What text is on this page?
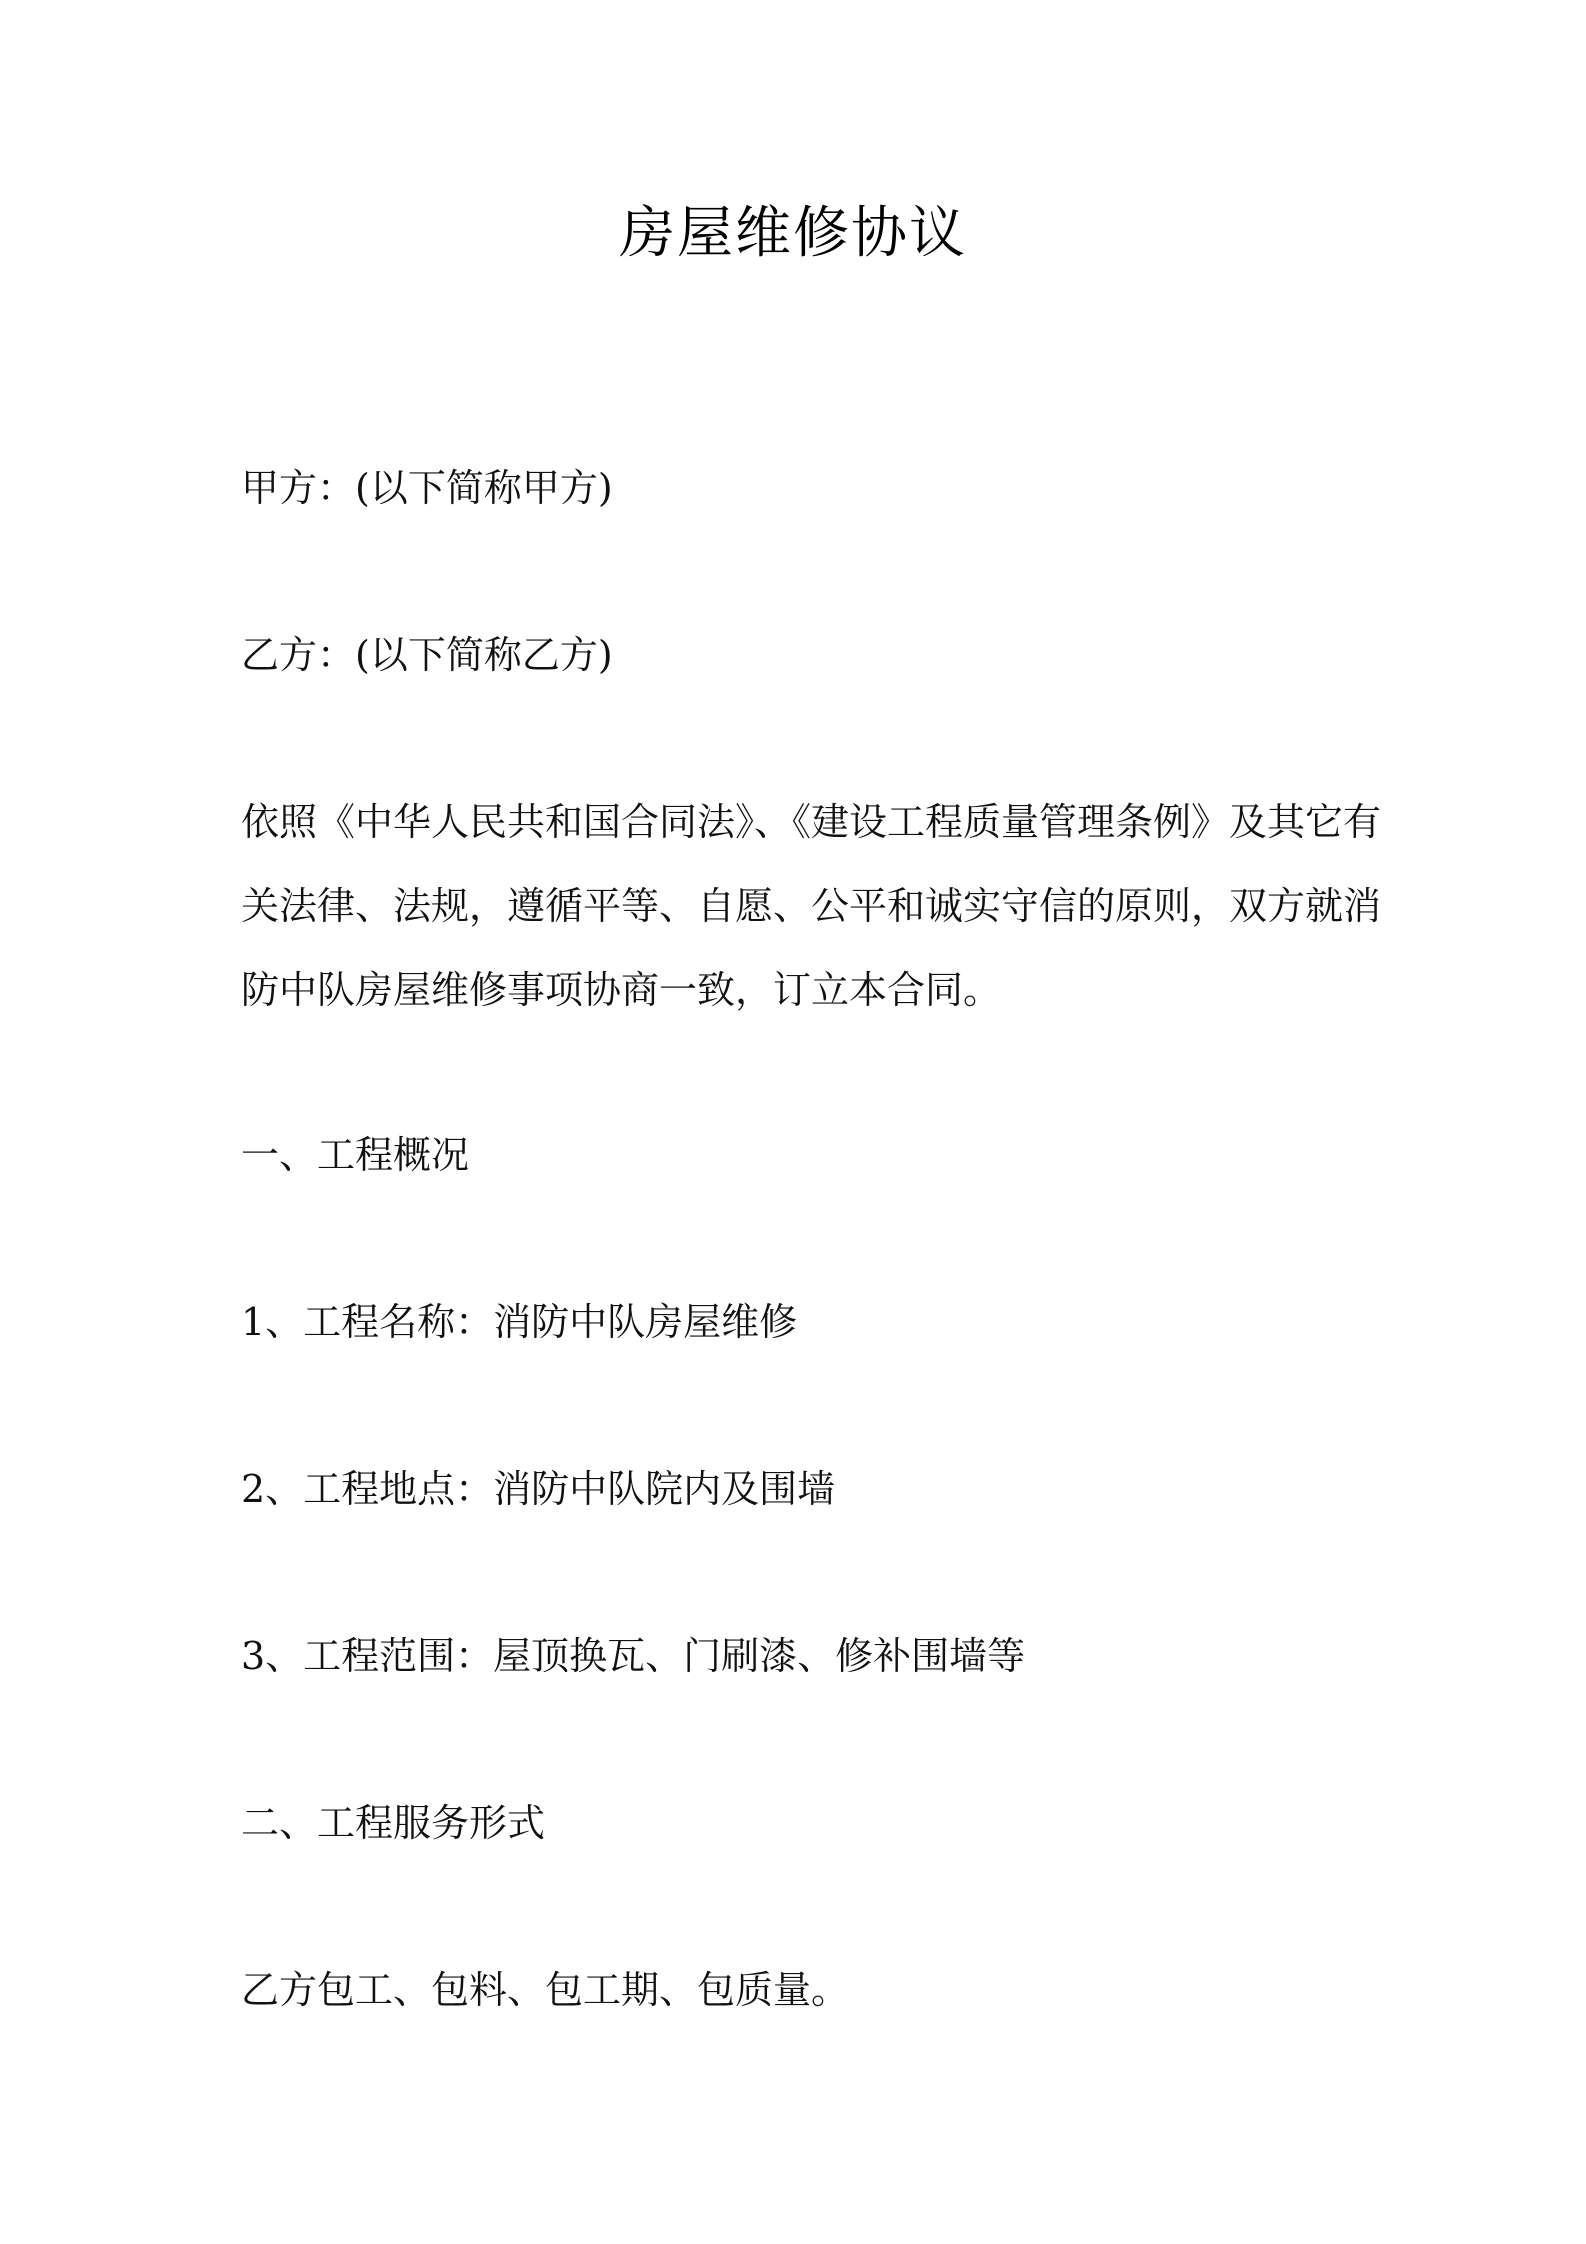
房屋维修协议
甲方：(以下简称甲方)
乙方：(以下简称乙方)
依照《中华人民共和国合同法》、《建设工程质量管理条例》及其它有
关法律、法规，遵循平等、自愿、公平和诚实守信的原则，双方就消
防中队房屋维修事项协商一致，订立本合同。
一、工程概况
1、工程名称：消防中队房屋维修
2、工程地点：消防中队院内及围墙
3、工程范围：屋顶换瓦、门刷漆、修补围墙等
二、工程服务形式
乙方包工、包料、包工期、包质量。
